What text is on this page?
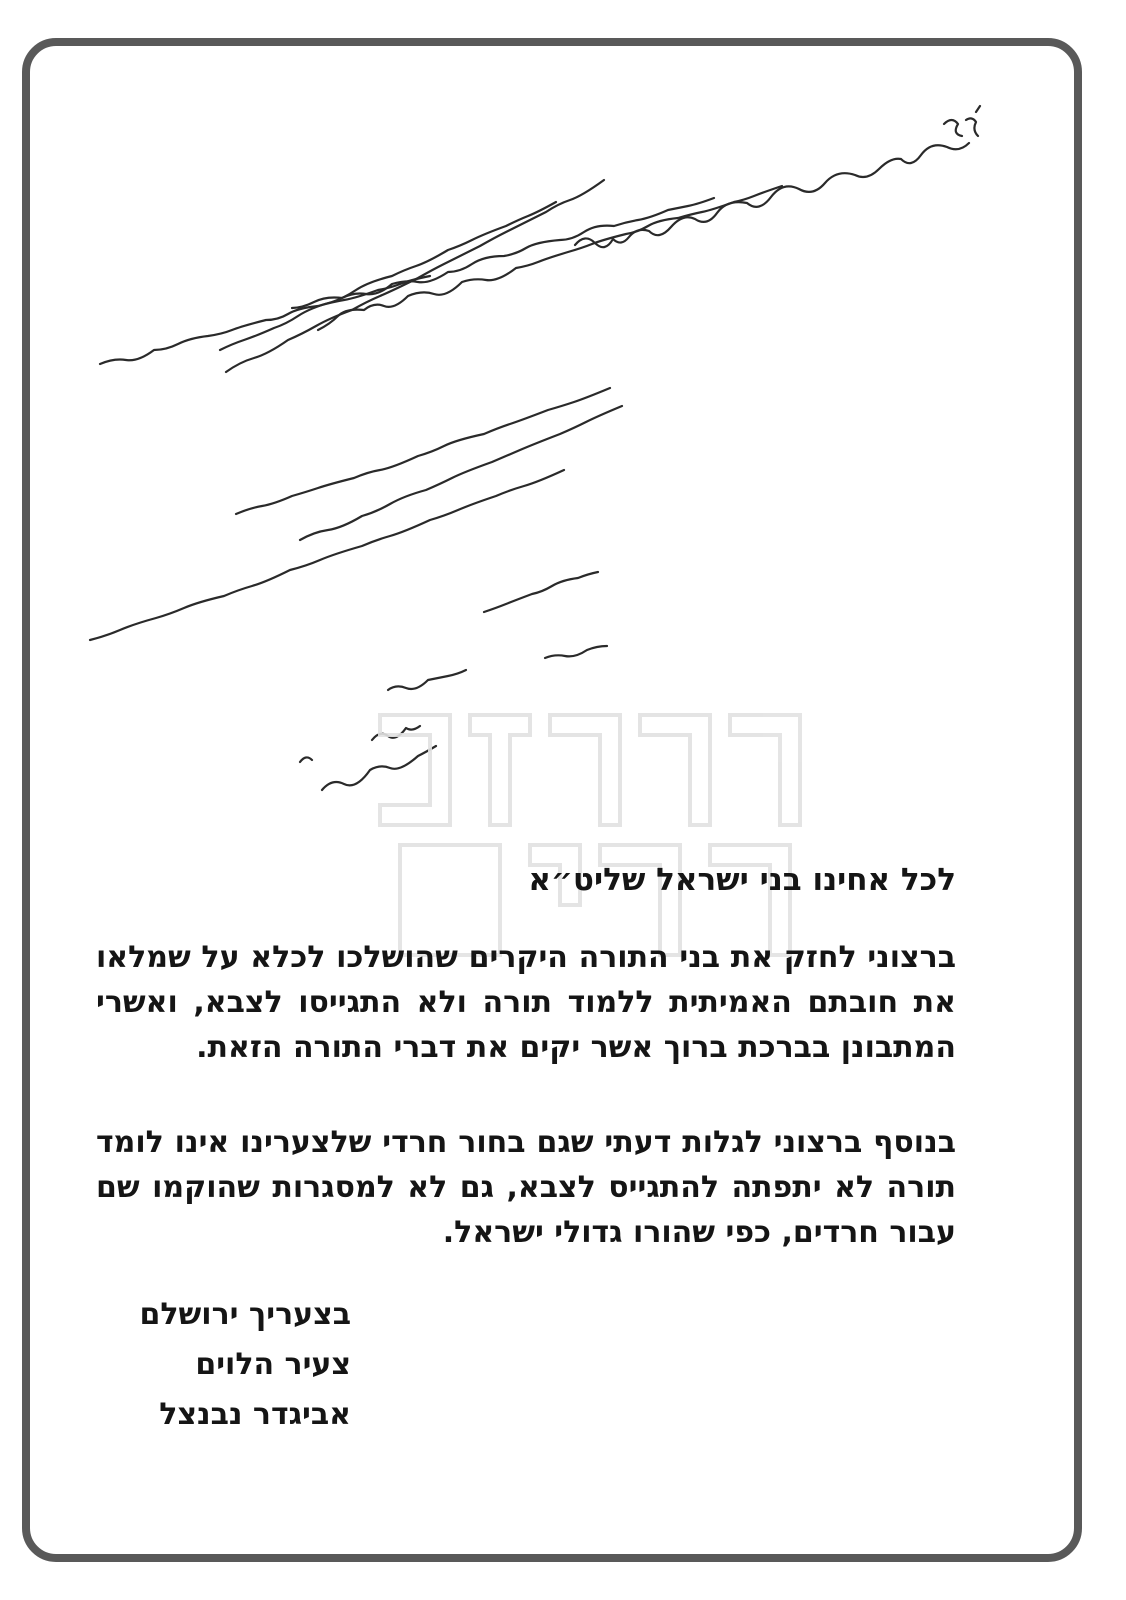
לכל אחינו בני ישראל שליט״א
ברצוני לחזק את בני התורה היקרים שהושלכו לכלא על שמלאו את חובתם האמיתית ללמוד תורה ולא התגייסו לצבא, ואשרי המתבונן בברכת ברוך אשר יקים את דברי התורה הזאת.
בנוסף ברצוני לגלות דעתי שגם בחור חרדי שלצערינו אינו לומד תורה לא יתפתה להתגייס לצבא, גם לא למסגרות שהוקמו שם עבור חרדים, כפי שהורו גדולי ישראל.
בצעריך ירושלם
צעיר הלוים
אביגדר נבנצל
